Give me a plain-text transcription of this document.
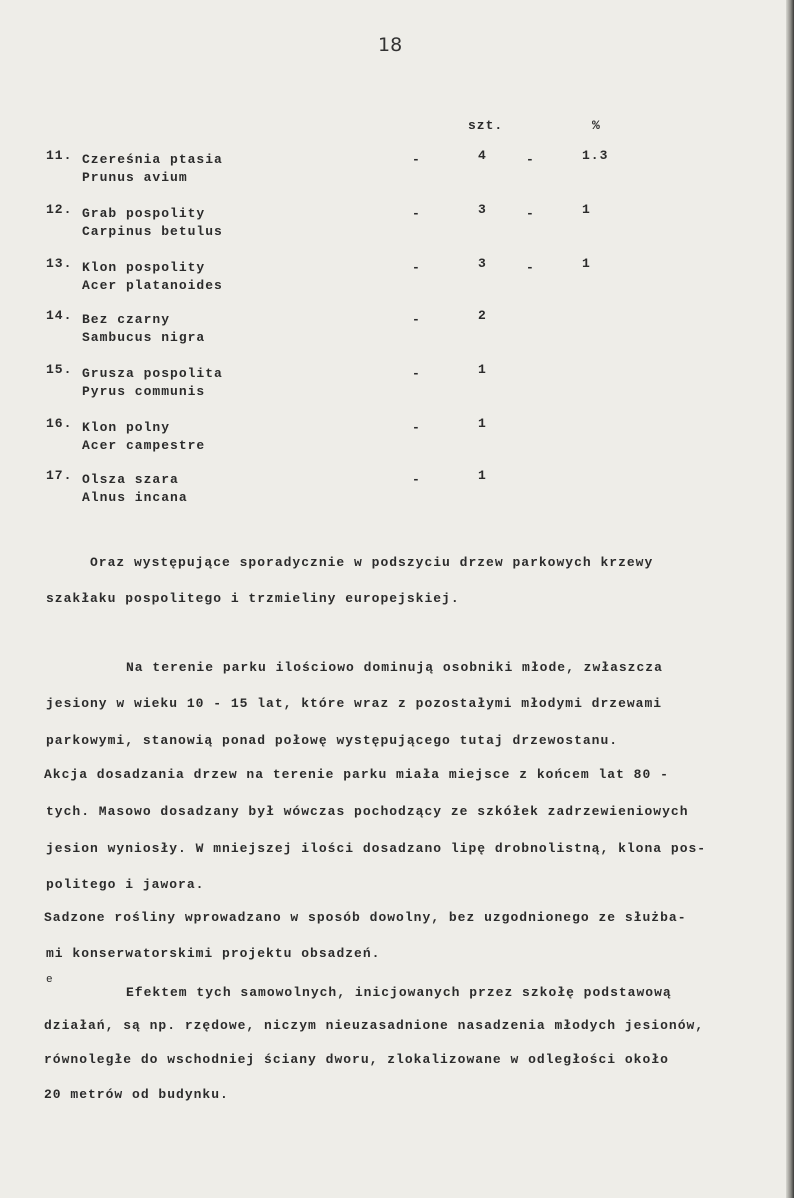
18
szt.	%
11. Czereśnia ptasia
Prunus avium
-	4	-	1.3
12. Grab pospolity
Carpinus betulus
-	3	-	1
13. Klon pospolity
Acer platanoides
-	3	-	1
14. Bez czarny
Sambucus nigra
-	2
15. Grusza pospolita
Pyrus communis
-	1
16. Klon polny
Acer campestre
-	1
17. Olsza szara
Alnus incana
-	1
Oraz występujące sporadycznie w podszyciu drzew parkowych krzewy
szakłaku pospolitego i trzmieliny europejskiej.
Na terenie parku ilościowo dominują osobniki młode, zwłaszcza
jesiony w wieku 10 - 15 lat, które wraz z pozostałymi młodymi drzewami
parkowymi, stanowią ponad połowę występującego tutaj drzewostanu.
Akcja dosadzania drzew na terenie parku miała miejsce z końcem lat 80 -
tych. Masowo dosadzany był wówczas pochodzący ze szkółek zadrzewieniowych
jesion wyniosły. W mniejszej ilości dosadzano lipę drobnolistną, klona pos-
politego i jawora.
Sadzone rośliny wprowadzano w sposób dowolny, bez uzgodnionego ze służba-
mi konserwatorskimi projektu obsadzeń.
e
Efektem tych samowolnych, inicjowanych przez szkołę podstawową
działań, są np. rzędowe, niczym nieuzasadnione nasadzenia młodych jesionów,
równoległe do wschodniej ściany dworu, zlokalizowane w odległości około
20 metrów od budynku.
